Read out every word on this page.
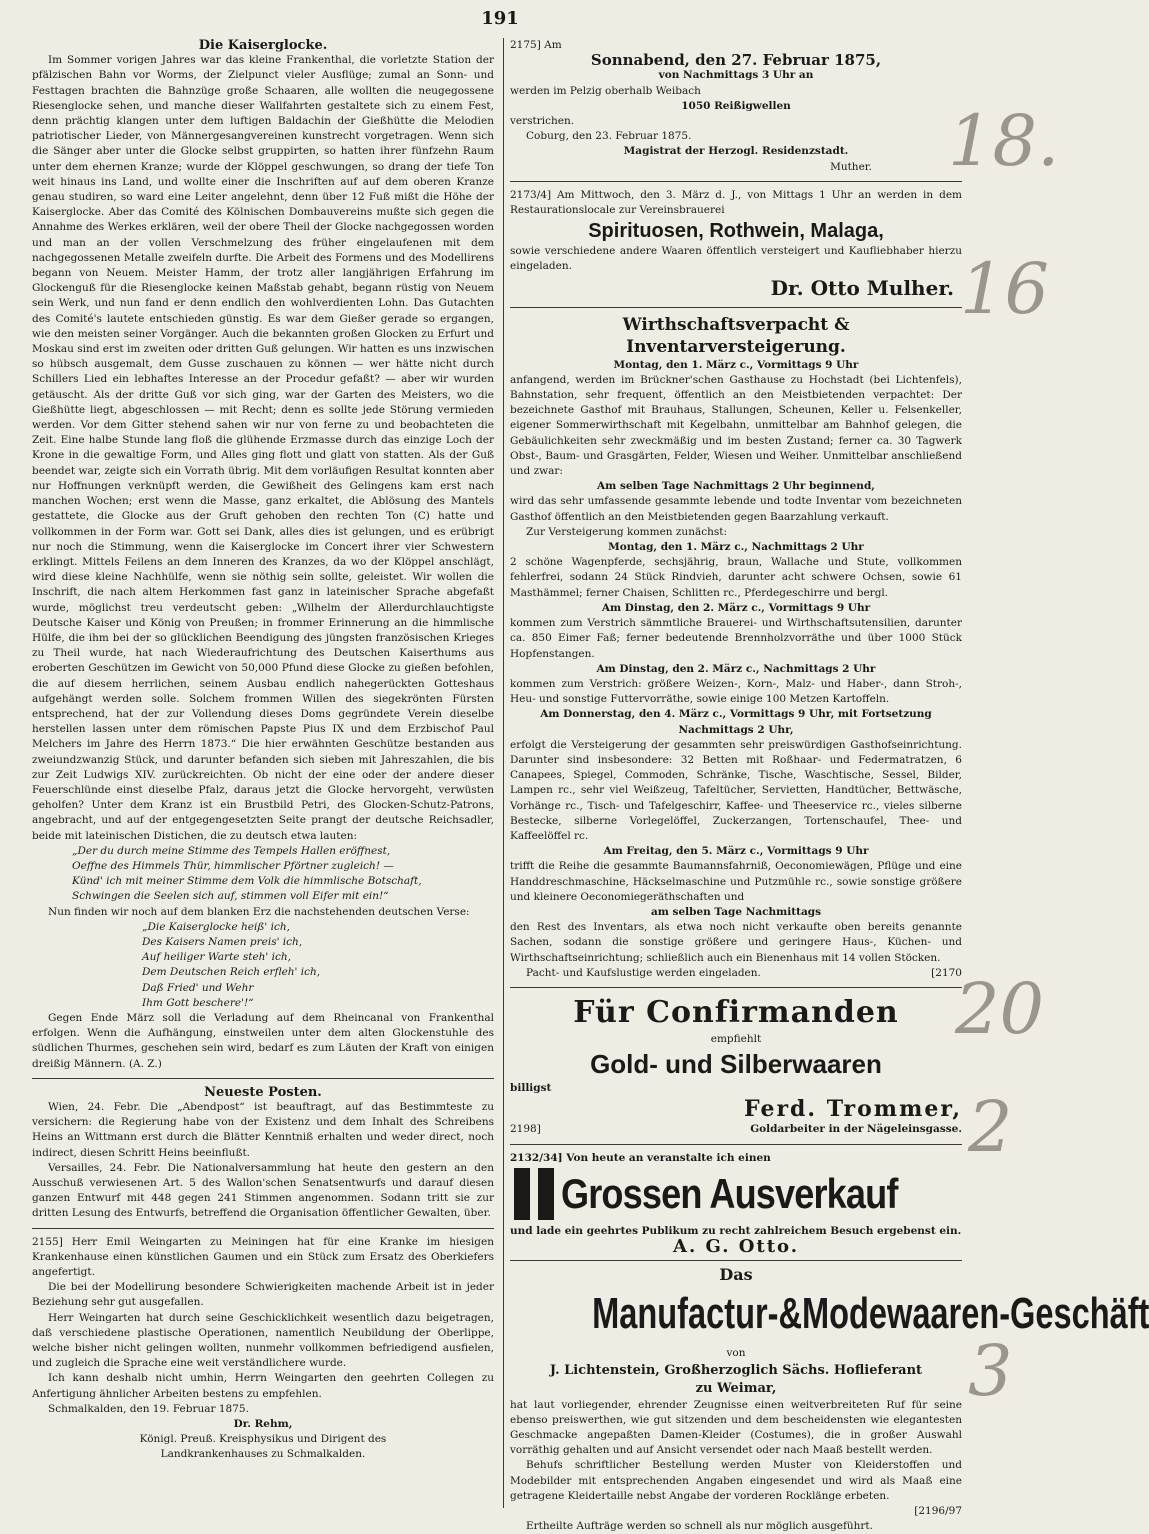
191
18.
16
20
2
3

Die Kaiserglocke.

Im Sommer vorigen Jahres war das kleine Frankenthal, die vorletzte Station der pfälzischen Bahn vor Worms, der Zielpunct vieler Ausflüge; zumal an Sonn- und Festtagen brachten die Bahnzüge große Schaaren, alle wollten die neugegossene Riesenglocke sehen, und manche dieser Wallfahrten gestaltete sich zu einem Fest, denn prächtig klangen unter dem luftigen Baldachin der Gießhütte die Melodien patriotischer Lieder, von Männergesangvereinen kunstrecht vorgetragen. Wenn sich die Sänger aber unter die Glocke selbst gruppirten, so hatten ihrer fünfzehn Raum unter dem ehernen Kranze; wurde der Klöppel geschwungen, so drang der tiefe Ton weit hinaus ins Land, und wollte einer die Inschriften auf auf dem oberen Kranze genau studiren, so ward eine Leiter angelehnt, denn über 12 Fuß mißt die Höhe der Kaiserglocke. Aber das Comité des Kölnischen Dombauvereins mußte sich gegen die Annahme des Werkes erklären, weil der obere Theil der Glocke nachgegossen worden und man an der vollen Verschmelzung des früher eingelaufenen mit dem nachgegossenen Metalle zweifeln durfte. Die Arbeit des Formens und des Modellirens begann von Neuem. Meister Hamm, der trotz aller langjährigen Erfahrung im Glockenguß für die Riesenglocke keinen Maßstab gehabt, begann rüstig von Neuem sein Werk, und nun fand er denn endlich den wohlverdienten Lohn. Das Gutachten des Comité's lautete entschieden günstig. Es war dem Gießer gerade so ergangen, wie den meisten seiner Vorgänger. Auch die bekannten großen Glocken zu Erfurt und Moskau sind erst im zweiten oder dritten Guß gelungen. Wir hatten es uns inzwischen so hübsch ausgemalt, dem Gusse zuschauen zu können — wer hätte nicht durch Schillers Lied ein lebhaftes Interesse an der Procedur gefaßt? — aber wir wurden getäuscht. Als der dritte Guß vor sich ging, war der Garten des Meisters, wo die Gießhütte liegt, abgeschlossen — mit Recht; denn es sollte jede Störung vermieden werden. Vor dem Gitter stehend sahen wir nur von ferne zu und beobachteten die Zeit. Eine halbe Stunde lang floß die glühende Erzmasse durch das einzige Loch der Krone in die gewaltige Form, und Alles ging flott und glatt von statten. Als der Guß beendet war, zeigte sich ein Vorrath übrig. Mit dem vorläufigen Resultat konnten aber nur Hoffnungen verknüpft werden, die Gewißheit des Gelingens kam erst nach manchen Wochen; erst wenn die Masse, ganz erkaltet, die Ablösung des Mantels gestattete, die Glocke aus der Gruft gehoben den rechten Ton (C) hatte und vollkommen in der Form war. Gott sei Dank, alles dies ist gelungen, und es erübrigt nur noch die Stimmung, wenn die Kaiserglocke im Concert ihrer vier Schwestern erklingt. Mittels Feilens an dem Inneren des Kranzes, da wo der Klöppel anschlägt, wird diese kleine Nachhülfe, wenn sie nöthig sein sollte, geleistet. Wir wollen die Inschrift, die nach altem Herkommen fast ganz in lateinischer Sprache abgefaßt wurde, möglichst treu verdeutscht geben: „Wilhelm der Allerdurchlauchtigste Deutsche Kaiser und König von Preußen; in frommer Erinnerung an die himmlische Hülfe, die ihm bei der so glücklichen Beendigung des jüngsten französischen Krieges zu Theil wurde, hat nach Wiederaufrichtung des Deutschen Kaiserthums aus eroberten Geschützen im Gewicht von 50,000 Pfund diese Glocke zu gießen befohlen, die auf diesem herrlichen, seinem Ausbau endlich nahegerückten Gotteshaus aufgehängt werden solle. Solchem frommen Willen des siegekrönten Fürsten entsprechend, hat der zur Vollendung dieses Doms gegründete Verein dieselbe herstellen lassen unter dem römischen Papste Pius IX und dem Erzbischof Paul Melchers im Jahre des Herrn 1873.“ Die hier erwähnten Geschütze bestanden aus zweiundzwanzig Stück, und darunter befanden sich sieben mit Jahreszahlen, die bis zur Zeit Ludwigs XIV. zurückreichten. Ob nicht der eine oder der andere dieser Feuerschlünde einst dieselbe Pfalz, daraus jetzt die Glocke hervorgeht, verwüsten geholfen? Unter dem Kranz ist ein Brustbild Petri, des Glocken-Schutz-Patrons, angebracht, und auf der entgegengesetzten Seite prangt der deutsche Reichsadler, beide mit lateinischen Distichen, die zu deutsch etwa lauten:

„Der du durch meine Stimme des Tempels Hallen eröffnest,

Oeffne des Himmels Thür, himmlischer Pförtner zugleich! —

Künd' ich mit meiner Stimme dem Volk die himmlische Botschaft,

Schwingen die Seelen sich auf, stimmen voll Eifer mit ein!“

Nun finden wir noch auf dem blanken Erz die nachstehenden deutschen Verse:

„Die Kaiserglocke heiß' ich,

Des Kaisers Namen preis' ich,

Auf heiliger Warte steh' ich,

Dem Deutschen Reich erfleh' ich,

Daß Fried' und Wehr

Ihm Gott beschere'!“

Gegen Ende März soll die Verladung auf dem Rheincanal von Frankenthal erfolgen. Wenn die Aufhängung, einstweilen unter dem alten Glockenstuhle des südlichen Thurmes, geschehen sein wird, bedarf es zum Läuten der Kraft von einigen dreißig Männern. (A. Z.)

Neueste Posten.

Wien, 24. Febr. Die „Abendpost“ ist beauftragt, auf das Bestimmteste zu versichern: die Regierung habe von der Existenz und dem Inhalt des Schreibens Heins an Wittmann erst durch die Blätter Kenntniß erhalten und weder direct, noch indirect, diesen Schritt Heins beeinflußt.

Versailles, 24. Febr. Die Nationalversammlung hat heute den gestern an den Ausschuß verwiesenen Art. 5 des Wallon'schen Senatsentwurfs und darauf diesen ganzen Entwurf mit 448 gegen 241 Stimmen angenommen. Sodann tritt sie zur dritten Lesung des Entwurfs, betreffend die Organisation öffentlicher Gewalten, über.

2155] Herr Emil Weingarten zu Meiningen hat für eine Kranke im hiesigen Krankenhause einen künstlichen Gaumen und ein Stück zum Ersatz des Oberkiefers angefertigt.

Die bei der Modellirung besondere Schwierigkeiten machende Arbeit ist in jeder Beziehung sehr gut ausgefallen.

Herr Weingarten hat durch seine Geschicklichkeit wesentlich dazu beigetragen, daß verschiedene plastische Operationen, namentlich Neubildung der Oberlippe, welche bisher nicht gelingen wollten, nunmehr vollkommen befriedigend ausfielen, und zugleich die Sprache eine weit verständlichere wurde.

Ich kann deshalb nicht umhin, Herrn Weingarten den geehrten Collegen zu Anfertigung ähnlicher Arbeiten bestens zu empfehlen.

Schmalkalden, den 19. Februar 1875.

Dr. Rehm,

Königl. Preuß. Kreisphysikus und Dirigent des

Landkrankenhauses zu Schmalkalden.

2175] Am

Sonnabend, den 27. Februar 1875,

von Nachmittags 3 Uhr an

werden im Pelzig oberhalb Weibach

1050 Reißigwellen

verstrichen.

Coburg, den 23. Februar 1875.

Magistrat der Herzogl. Residenzstadt.

Muther.

2173/4] Am Mittwoch, den 3. März d. J., von Mittags 1 Uhr an werden in dem Restaurationslocale zur Vereinsbrauerei

Spirituosen, Rothwein, Malaga,

sowie verschiedene andere Waaren öffentlich versteigert und Kaufliebhaber hierzu eingeladen.

Dr. Otto Mulher.

Wirthschaftsverpacht & Inventarversteigerung.

Montag, den 1. März c., Vormittags 9 Uhr

anfangend, werden im Brückner'schen Gasthause zu Hochstadt (bei Lichtenfels), Bahnstation, sehr frequent, öffentlich an den Meistbietenden verpachtet: Der bezeichnete Gasthof mit Brauhaus, Stallungen, Scheunen, Keller u. Felsenkeller, eigener Sommerwirthschaft mit Kegelbahn, unmittelbar am Bahnhof gelegen, die Gebäulichkeiten sehr zweckmäßig und im besten Zustand; ferner ca. 30 Tagwerk Obst-, Baum- und Grasgärten, Felder, Wiesen und Weiher. Unmittelbar anschließend und zwar:

Am selben Tage Nachmittags 2 Uhr beginnend,

wird das sehr umfassende gesammte lebende und todte Inventar vom bezeichneten Gasthof öffentlich an den Meistbietenden gegen Baarzahlung verkauft.

Zur Versteigerung kommen zunächst:

Montag, den 1. März c., Nachmittags 2 Uhr

2 schöne Wagenpferde, sechsjährig, braun, Wallache und Stute, vollkommen fehlerfrei, sodann 24 Stück Rindvieh, darunter acht schwere Ochsen, sowie 61 Masthämmel; ferner Chaisen, Schlitten rc., Pferdegeschirre und bergl.

Am Dinstag, den 2. März c., Vormittags 9 Uhr

kommen zum Verstrich sämmtliche Brauerei- und Wirthschaftsutensilien, darunter ca. 850 Eimer Faß; ferner bedeutende Brennholzvorräthe und über 1000 Stück Hopfenstangen.

Am Dinstag, den 2. März c., Nachmittags 2 Uhr

kommen zum Verstrich: größere Weizen-, Korn-, Malz- und Haber-, dann Stroh-, Heu- und sonstige Futtervorräthe, sowie einige 100 Metzen Kartoffeln.

Am Donnerstag, den 4. März c., Vormittags 9 Uhr, mit Fortsetzung Nachmittags 2 Uhr,

erfolgt die Versteigerung der gesammten sehr preiswürdigen Gasthofseinrichtung. Darunter sind insbesondere: 32 Betten mit Roßhaar- und Federmatratzen, 6 Canapees, Spiegel, Commoden, Schränke, Tische, Waschtische, Sessel, Bilder, Lampen rc., sehr viel Weißzeug, Tafeltücher, Servietten, Handtücher, Bettwäsche, Vorhänge rc., Tisch- und Tafelgeschirr, Kaffee- und Theeservice rc., vieles silberne Bestecke, silberne Vorlegelöffel, Zuckerzangen, Tortenschaufel, Thee- und Kaffeelöffel rc.

Am Freitag, den 5. März c., Vormittags 9 Uhr

trifft die Reihe die gesammte Baumannsfahrniß, Oeconomiewägen, Pflüge und eine Handdreschmaschine, Häckselmaschine und Putzmühle rc., sowie sonstige größere und kleinere Oeconomiegeräthschaften und

am selben Tage Nachmittags

den Rest des Inventars, als etwa noch nicht verkaufte oben bereits genannte Sachen, sodann die sonstige größere und geringere Haus-, Küchen- und Wirthschaftseinrichtung; schließlich auch ein Bienenhaus mit 14 vollen Stöcken.

Pacht- und Kaufslustige werden eingeladen.	[2170

Für Confirmanden

empfiehlt

Gold- und Silberwaaren

billigst

Ferd. Trommer,

2198]	Goldarbeiter in der Nägeleinsgasse.

2132/34] Von heute an veranstalte ich einen

Grossen Ausverkauf

und lade ein geehrtes Publikum zu recht zahlreichem Besuch ergebenst ein.

A. G. Otto.

Das

Manufactur-&Modewaaren-Geschäft

von

J. Lichtenstein, Großherzoglich Sächs. Hoflieferant

zu Weimar,

hat laut vorliegender, ehrender Zeugnisse einen weitverbreiteten Ruf für seine ebenso preiswerthen, wie gut sitzenden und dem bescheidensten wie elegantesten Geschmacke angepaßten Damen-Kleider (Costumes), die in großer Auswahl vorräthig gehalten und auf Ansicht versendet oder nach Maaß bestellt werden.

Behufs schriftlicher Bestellung werden Muster von Kleiderstoffen und Modebilder mit entsprechenden Angaben eingesendet und wird als Maaß eine getragene Kleidertaille nebst Angabe der vorderen Rocklänge erbeten.

[2196/97

Ertheilte Aufträge werden so schnell als nur möglich ausgeführt.
